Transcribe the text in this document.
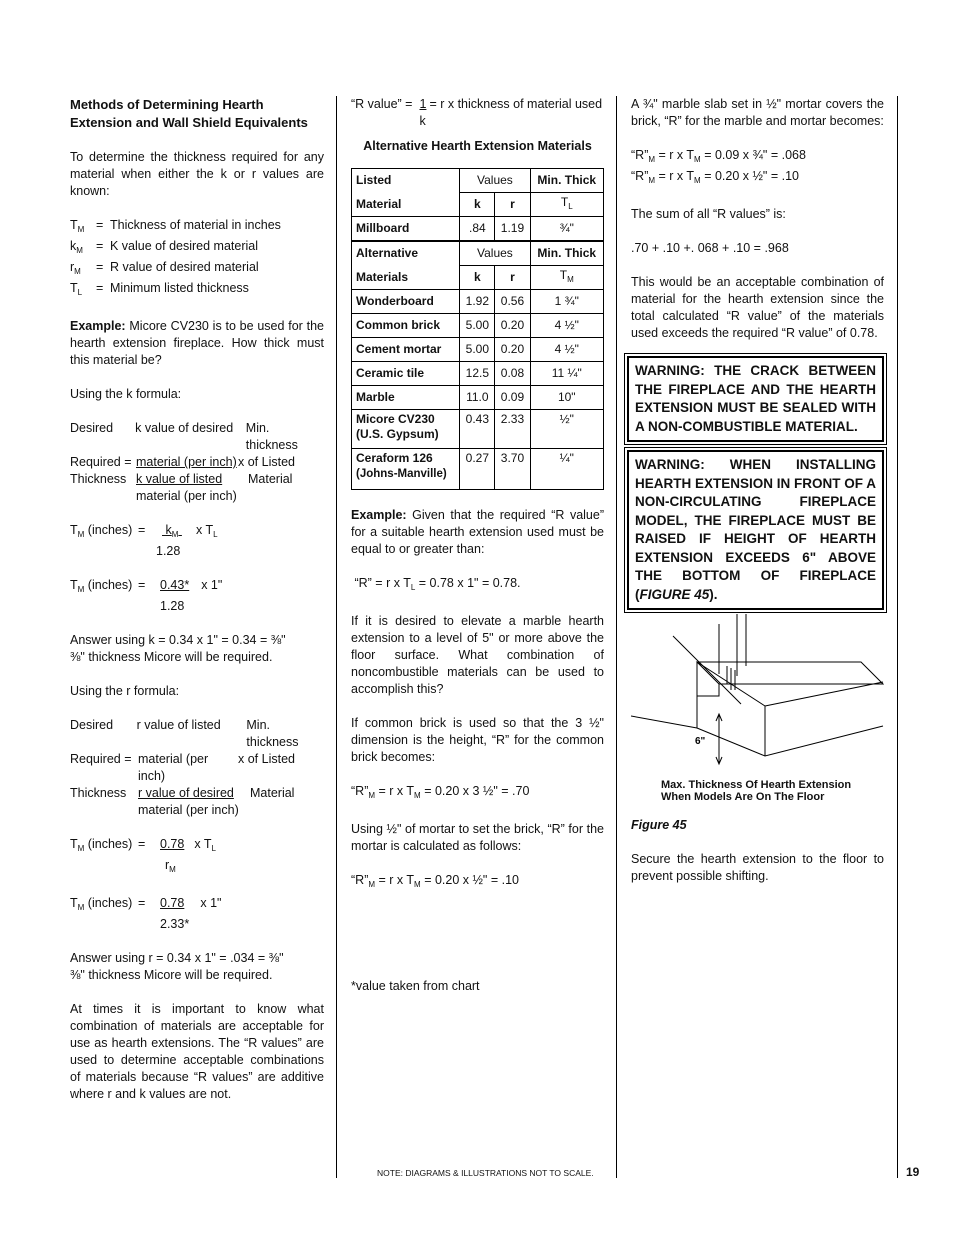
Methods of Determining Hearth Extension and Wall Shield Equivalents

To determine the thickness required for any material when either the k or r values are known:

$T_M$ = Thickness of material in inches
$k_M$	= K value of desired material
$r_M$	= R value of desired material
$T_L$	= Minimum listed thickness

Example: Micore CV230 is to be used for the hearth extension fireplace. How thick must this material be?

Using the k formula:

Desired	k value of desired	Min. thickness
Required = material (per inch) x of Listed
Thickness k value of listed	Material
material (per inch)
$T_M$ (inches) =	$k_M$	x $T_L$
1.28
$T_M$ (inches) =	0.43* x 1"
1.28

Answer using k = 0.34 x 1" = 0.34 = ⅜"
⅜" thickness Micore will be required.

Using the r formula:

Desired	r value of listed	Min. thickness
Required = material (per inch)
x of Listed
Thickness r value of desired	Material
material (per inch)
$T_M$ (inches) =	0.78 x $T_L$
$r_M$
$T_M$ (inches) =	0.78 x 1"
2.33*

Answer using r = 0.34 x 1" = .034 = ⅜"
⅜" thickness Micore will be required.

At times it is important to know what combination of materials are acceptable for use as hearth extensions. The “R values” are used to determine acceptable combinations of materials because “R values” are additive where r and k values are not.

“R value” = $\frac{1}{k} = r$ x thickness of material used

Alternative Hearth Extension Materials

Listed	Values		Min. Thick
Material	k	r	$T_L$
Millboard	.84	1.19	¾"
Alternative	Values		Min. Thick
Materials	k	r	$T_M$
Wonderboard	1.92	0.56	1 ¾"
Common brick	5.00	0.20	4 ½"
Cement mortar	5.00	0.20	4 ½"
Ceramic tile	12.5	0.08	11 ¼"
Marble	11.0	0.09	10"
Micore CV230
(U.S. Gypsum)	0.43	2.33	½"
Ceraform 126
(Johns-Manville)	0.27	3.70	¼"

Example: Given that the required “R value” for a suitable hearth extension used must be equal to or greater than:

“R” = r x $T_L = 0.78$ x 1" = 0.78.

If it is desired to elevate a marble hearth extension to a level of 5" or more above the floor surface. What combination of noncombustible materials can be used to accomplish this?

If common brick is used so that the 3 ½" dimension is the height, “R” for the common brick becomes:

“$R”_M = r$ x $T_M = 0.20$ x 3 ½" = .70

Using ½" of mortar to set the brick, “R” for the mortar is calculated as follows:

“$R”_M = r$ x $T_M = 0.20$ x ½" = .10

*value taken from chart

A ¾" marble slab set in ½" mortar covers the brick, “R” for the marble and mortar becomes:

“$R”_M = r$ x $T_M = 0.09$ x ¾" = .068

“$R”_M = r$ x $T_M = 0.20$ x ½" = .10

The sum of all “R values” is:

.70 + .10 +. 068 + .10 = .968

This would be an acceptable combination of material for the hearth extension since the total calculated “R value” of the materials used exceeds the required “R value” of 0.78.

WARNING: THE CRACK BETWEEN THE FIREPLACE AND THE HEARTH EXTENSION MUST BE SEALED WITH A NON-COMBUSTIBLE MATERIAL.
WARNING: WHEN INSTALLING HEARTH EXTENSION IN FRONT OF A NON-CIRCULATING FIREPLACE MODEL, THE FIREPLACE MUST BE RAISED IF HEIGHT OF HEARTH EXTENSION EXCEEDS 6" ABOVE THE BOTTOM OF FIREPLACE (FIGURE 45).
6"

Max. Thickness Of Hearth Extension
When Models Are On The Floor

Figure 45

Secure the hearth extension to the floor to prevent possible shifting.

NOTE: DIAGRAMS & ILLUSTRATIONS NOT TO SCALE.	19
